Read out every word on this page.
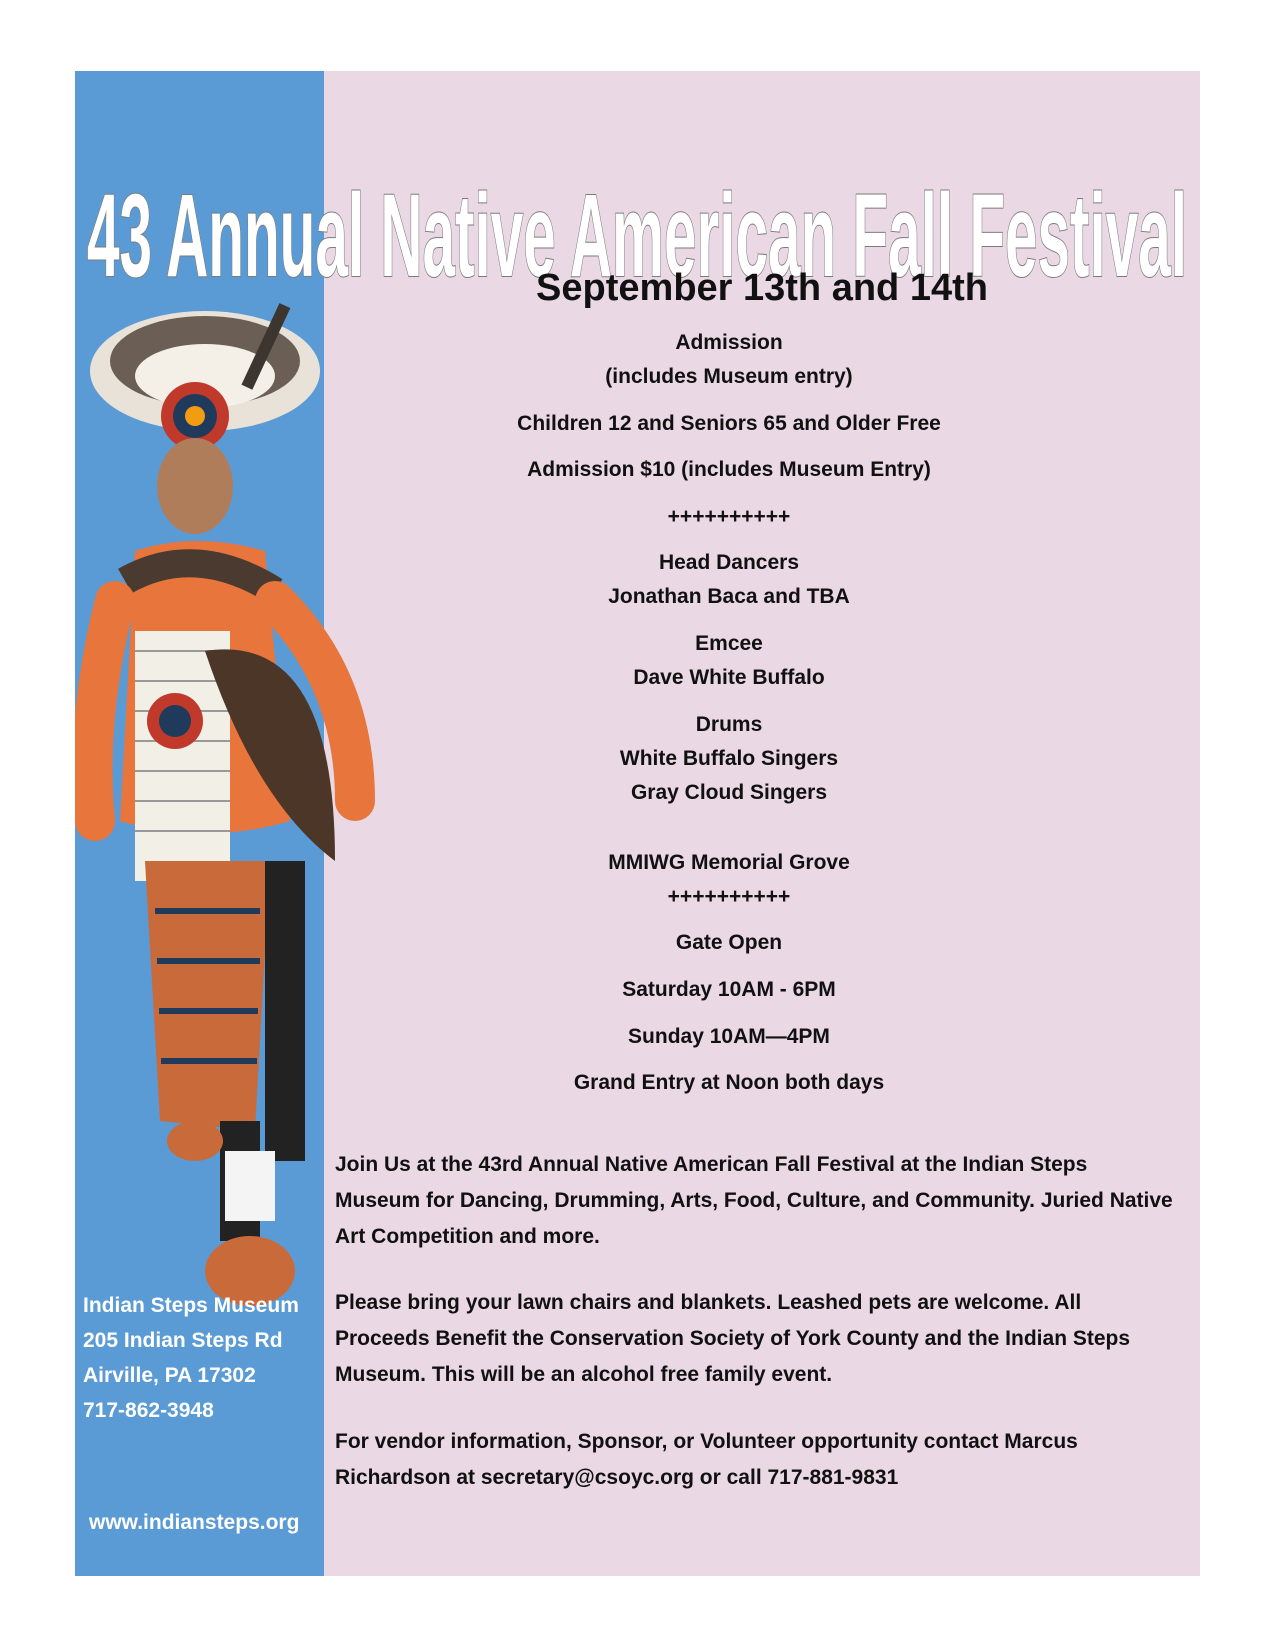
43 Annual Native American Fall Festival
Indian Steps Museum
205 Indian Steps Rd
Airville, PA 17302
717-862-3948
www.indiansteps.org
September 13th and 14th
Admission
(includes Museum entry)
Children 12 and Seniors 65 and Older Free
Admission $10 (includes Museum Entry)
++++++++++
Head Dancers
Jonathan Baca and TBA
Emcee
Dave White Buffalo
Drums
White Buffalo Singers
Gray Cloud Singers
MMIWG Memorial Grove
++++++++++
Gate Open
Saturday 10AM - 6PM
Sunday 10AM—4PM
Grand Entry at Noon both days
Join Us at the 43rd Annual Native American Fall Festival at the Indian Steps Museum for Dancing, Drumming, Arts, Food, Culture, and Community. Juried Native Art Competition and more.
Please bring your lawn chairs and blankets. Leashed pets are welcome. All Proceeds Benefit the Conservation Society of York County and the Indian Steps Museum. This will be an alcohol free family event.
For vendor information, Sponsor, or Volunteer opportunity contact Marcus Richardson at secretary@csoyc.org or call 717-881-9831
